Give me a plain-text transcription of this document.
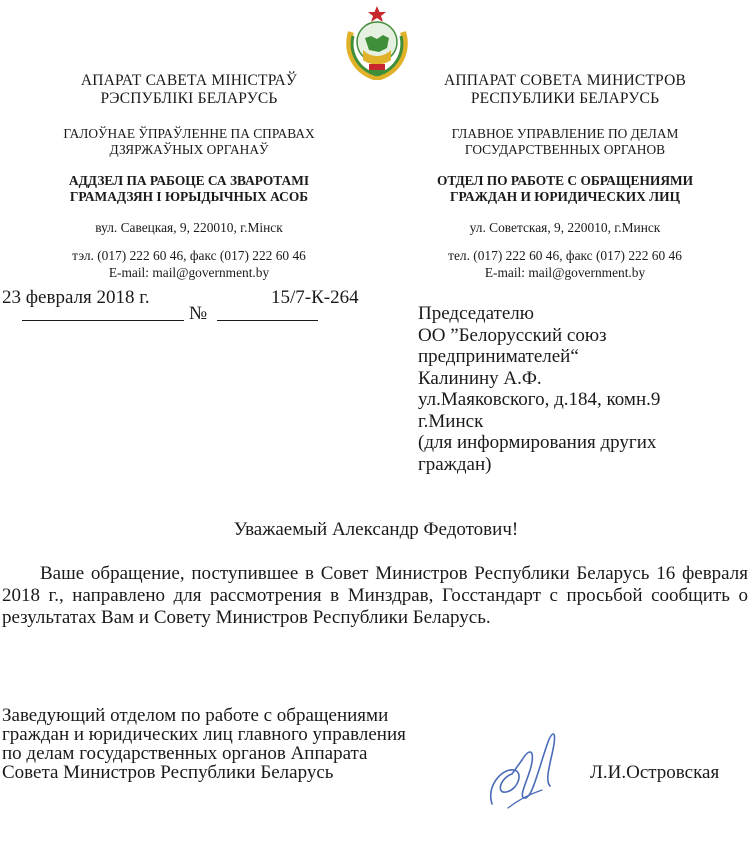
АПАРАТ САВЕТА МІНІСТРАЎ
РЭСПУБЛІКІ БЕЛАРУСЬ
ГАЛОЎНАЕ ЎПРАЎЛЕННЕ ПА СПРАВАХ
ДЗЯРЖАЎНЫХ ОРГАНАЎ
АДДЗЕЛ ПА РАБОЦЕ СА ЗВАРОТАМІ
ГРАМАДЗЯН І ЮРЫДЫЧНЫХ АСОБ
вул. Савецкая, 9, 220010, г.Мінск
тэл. (017) 222 60 46, факс (017) 222 60 46
E-mail: mail@government.by
АППАРАТ СОВЕТА МИНИСТРОВ
РЕСПУБЛИКИ БЕЛАРУСЬ
ГЛАВНОЕ УПРАВЛЕНИЕ ПО ДЕЛАМ
ГОСУДАРСТВЕННЫХ ОРГАНОВ
ОТДЕЛ ПО РАБОТЕ С ОБРАЩЕНИЯМИ
ГРАЖДАН И ЮРИДИЧЕСКИХ ЛИЦ
ул. Советская, 9, 220010, г.Минск
тел. (017) 222 60 46, факс (017) 222 60 46
E-mail: mail@government.by
23 февраля 2018 г.
№
15/7-К-264
Председателю
ОО ”Белорусский союз
предпринимателей“
Калинину А.Ф.
ул.Маяковского, д.184, комн.9
г.Минск
(для информирования других
граждан)
Уважаемый Александр Федотович!
Ваше обращение, поступившее в Совет Министров Республики Беларусь 16 февраля 2018 г., направлено для рассмотрения в Минздрав, Госстандарт с просьбой сообщить о результатах Вам и Совету Министров Республики Беларусь.
Заведующий отделом по работе с обращениями
граждан и юридических лиц главного управления
по делам государственных органов Аппарата
Совета Министров Республики Беларусь	Л.И.Островская
